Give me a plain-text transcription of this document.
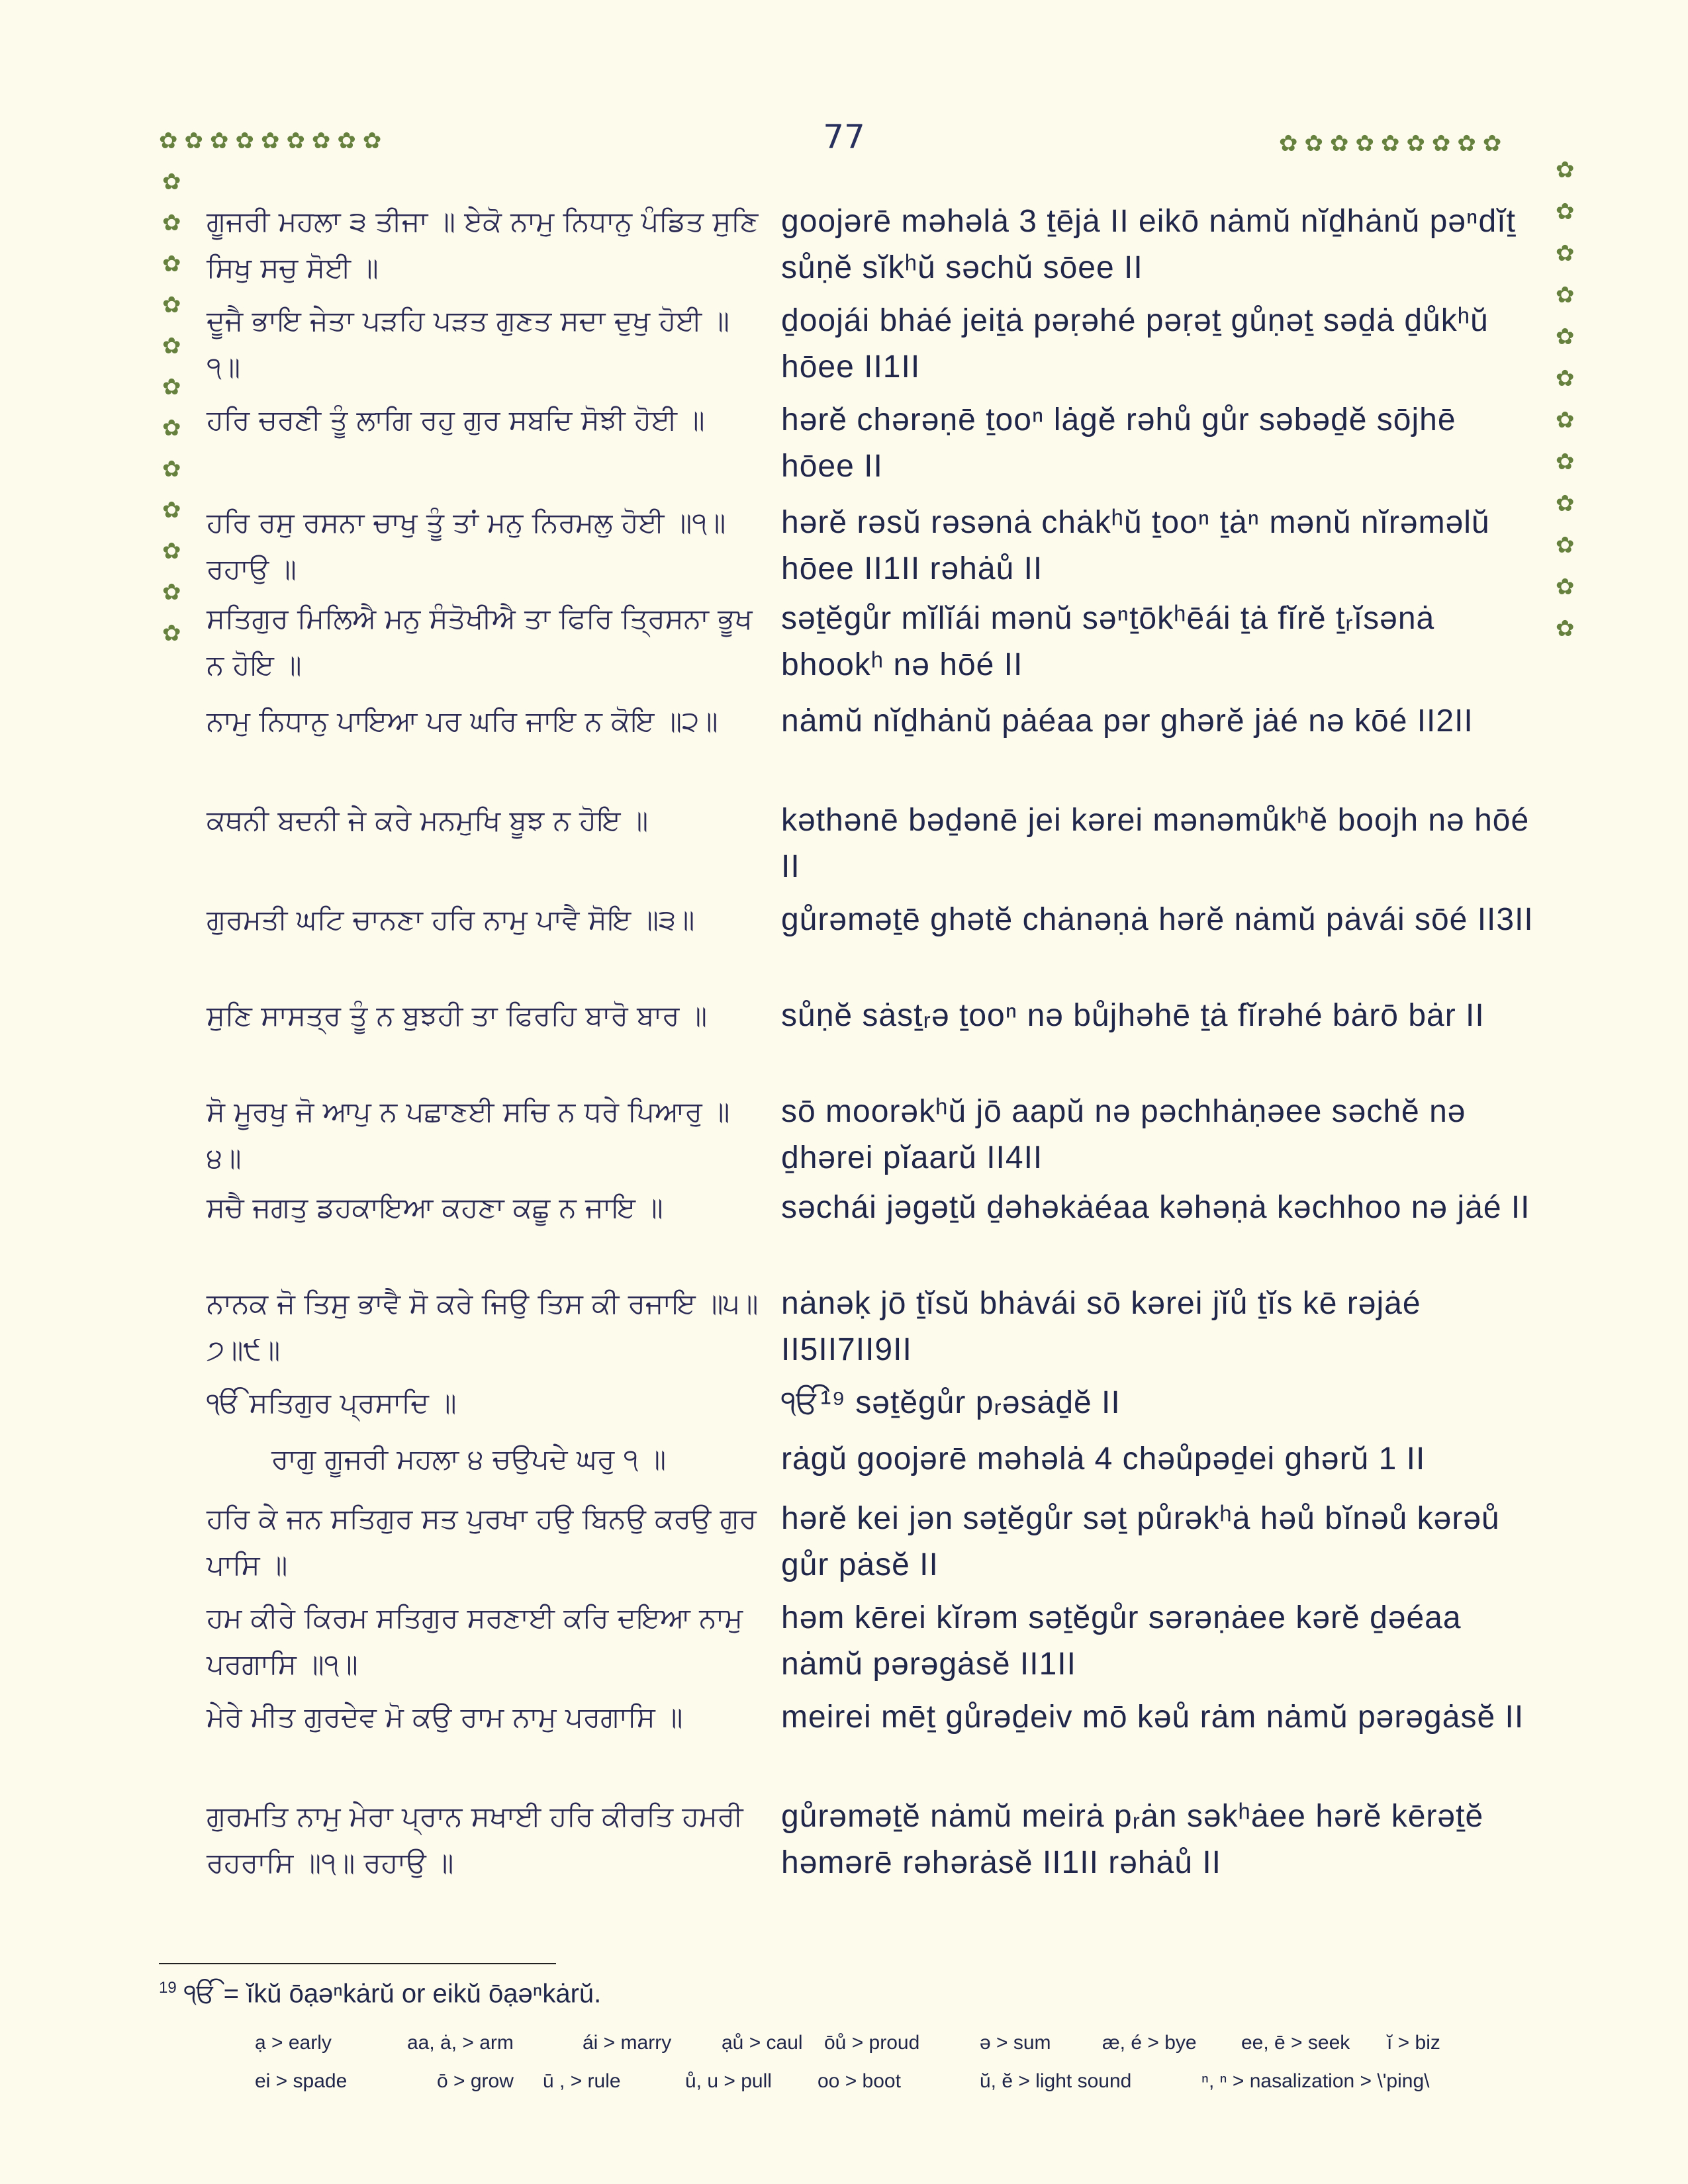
77
✿✿✿✿✿✿✿✿✿	✿✿✿✿✿✿✿✿✿
✿
✿
✿
✿
✿
✿
✿
✿
✿
✿
✿
✿
✿
✿
✿
✿
✿
✿
✿
✿
✿
✿
✿
✿
ਗੂਜਰੀ ਮਹਲਾ ੩ ਤੀਜਾ ॥ ਏਕੋ ਨਾਮੁ ਨਿਧਾਨੁ ਪੰਡਿਤ ਸੁਣਿ ਸਿਖੁ ਸਚੁ ਸੋਈ ॥
goojərē məhəlȧ 3 ṯējȧ II eikō nȧmŭ nĭḏhȧnŭ pəⁿdĭṯ sůṇĕ sĭkʰŭ səchŭ sōee II
ਦੂਜੈ ਭਾਇ ਜੇਤਾ ਪੜਹਿ ਪੜਤ ਗੁਣਤ ਸਦਾ ਦੁਖੁ ਹੋਈ ॥੧॥
ḏoojái bhȧé jeiṯȧ pəṛəhé pəṛəṯ gůṇəṯ səḏȧ ḏůkʰŭ hōee II1II
ਹਰਿ ਚਰਣੀ ਤੂੰ ਲਾਗਿ ਰਹੁ ਗੁਰ ਸਬਦਿ ਸੋਝੀ ਹੋਈ ॥	hərĕ chərəṇē ṯooⁿ lȧgĕ rəhů gůr səbəḏĕ sōjhē hōee II
ਹਰਿ ਰਸੁ ਰਸਨਾ ਚਾਖੁ ਤੂੰ ਤਾਂ ਮਨੁ ਨਿਰਮਲੁ ਹੋਈ ॥੧॥ ਰਹਾਉ ॥
hərĕ rəsŭ rəsənȧ chȧkʰŭ ṯooⁿ ṯȧⁿ mənŭ nĭrəməlŭ hōee II1II rəhȧů II
ਸਤਿਗੁਰ ਮਿਲਿਐ ਮਨੁ ਸੰਤੋਖੀਐ ਤਾ ਫਿਰਿ ਤ੍ਰਿਸਨਾ ਭੂਖ ਨ ਹੋਇ ॥
səṯĕgůr mĭlĭái mənŭ səⁿṯōkʰēái ṯȧ fĭrĕ ṯᵣĭsənȧ bhookʰ nə hōé II
ਨਾਮੁ ਨਿਧਾਨੁ ਪਾਇਆ ਪਰ ਘਰਿ ਜਾਇ ਨ ਕੋਇ ॥੨॥	nȧmŭ nĭḏhȧnŭ pȧéaa pər ghərĕ jȧé nə kōé II2II
ਕਥਨੀ ਬਦਨੀ ਜੇ ਕਰੇ ਮਨਮੁਖਿ ਬੂਝ ਨ ਹੋਇ ॥	kəthənē bəḏənē jei kərei mənəmůkʰĕ boojh nə hōé II
ਗੁਰਮਤੀ ਘਟਿ ਚਾਨਣਾ ਹਰਿ ਨਾਮੁ ਪਾਵੈ ਸੋਇ ॥੩॥	gůrəməṯē ghətĕ chȧnəṇȧ hərĕ nȧmŭ pȧvái sōé II3II
ਸੁਣਿ ਸਾਸਤ੍ਰ ਤੂੰ ਨ ਬੁਝਹੀ ਤਾ ਫਿਰਹਿ ਬਾਰੋ ਬਾਰ ॥	sůṇĕ sȧsṯᵣə ṯooⁿ nə bůjhəhē ṯȧ fĭrəhé bȧrō bȧr II
ਸੋ ਮੂਰਖੁ ਜੋ ਆਪੁ ਨ ਪਛਾਣਈ ਸਚਿ ਨ ਧਰੇ ਪਿਆਰੁ ॥੪॥
sō moorəkʰŭ jō aapŭ nə pəchhȧṇəee səchĕ nə ḏhərei pĭaarŭ II4II
ਸਚੈ ਜਗਤੁ ਡਹਕਾਇਆ ਕਹਣਾ ਕਛੂ ਨ ਜਾਇ ॥	səchái jəgəṯŭ ḏəhəkȧéaa kəhəṇȧ kəchhoo nə jȧé II
ਨਾਨਕ ਜੋ ਤਿਸੁ ਭਾਵੈ ਸੋ ਕਰੇ ਜਿਉ ਤਿਸ ਕੀ ਰਜਾਇ ॥੫॥੭॥੯॥
nȧnəḳ jō ṯĭsŭ bhȧvái sō kərei jĭů ṯĭs kē rəjȧé II5II7II9II
ੴ ਸਤਿਗੁਰ ਪ੍ਰਸਾਦਿ ॥	ੴ¹⁹ səṯĕgůr pᵣəsȧḏĕ II
ਰਾਗੁ ਗੂਜਰੀ ਮਹਲਾ ੪ ਚਉਪਦੇ ਘਰੁ ੧ ॥	rȧgŭ goojərē məhəlȧ 4 chəůpəḏei ghərŭ 1 II
ਹਰਿ ਕੇ ਜਨ ਸਤਿਗੁਰ ਸਤ ਪੁਰਖਾ ਹਉ ਬਿਨਉ ਕਰਉ ਗੁਰ ਪਾਸਿ ॥
hərĕ kei jən səṯĕgůr səṯ půrəkʰȧ həů bĭnəů kərəů gůr pȧsĕ II
ਹਮ ਕੀਰੇ ਕਿਰਮ ਸਤਿਗੁਰ ਸਰਣਾਈ ਕਰਿ ਦਇਆ ਨਾਮੁ ਪਰਗਾਸਿ ॥੧॥
həm kērei kĭrəm səṯĕgůr sərəṇȧee kərĕ ḏəéaa nȧmŭ pərəgȧsĕ II1II
ਮੇਰੇ ਮੀਤ ਗੁਰਦੇਵ ਮੋ ਕਉ ਰਾਮ ਨਾਮੁ ਪਰਗਾਸਿ ॥	meirei mēṯ gůrəḏeiv mō kəů rȧm nȧmŭ pərəgȧsĕ II
ਗੁਰਮਤਿ ਨਾਮੁ ਮੇਰਾ ਪ੍ਰਾਨ ਸਖਾਈ ਹਰਿ ਕੀਰਤਿ ਹਮਰੀ ਰਹਰਾਸਿ ॥੧॥ ਰਹਾਉ ॥
gůrəməṯĕ nȧmŭ meirȧ pᵣȧn səkʰȧee hərĕ kērəṯĕ həmərē rəhərȧsĕ II1II rəhȧů II
$^{19}$ ੴ = ĭkŭ ōạəⁿkȧrŭ or eikŭ ōạəⁿkȧrŭ.
ạ > early	aa, ȧ, > arm	ái > marry	ạů > caul ōů > proud	ə > sum	æ, é > bye ee, ē > seek ĭ > biz
ei > spade	ō > grow ū , > rule	ů, u > pull oo > boot	ŭ, ĕ > light sound	ⁿ, ⁿ > nasalization > \'ping\
